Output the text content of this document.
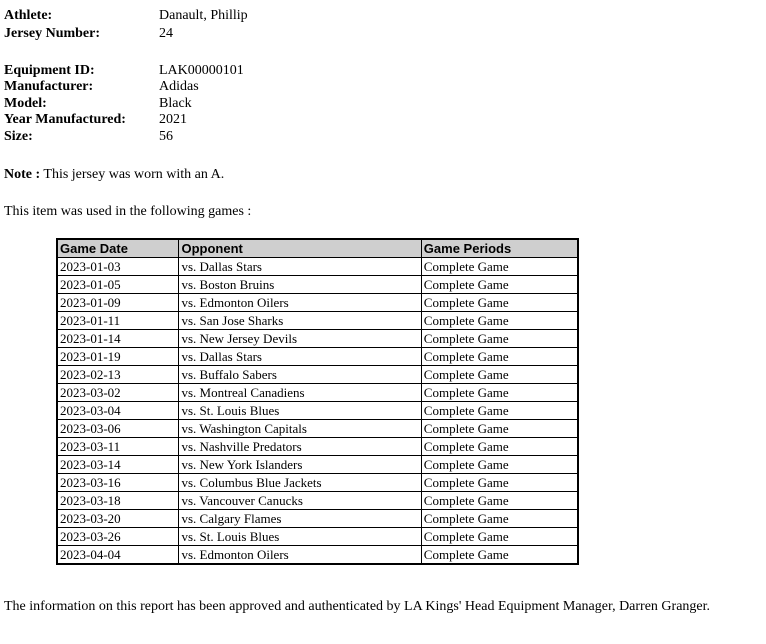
Athlete:	Danault, Phillip
Jersey Number:	24
Equipment ID:	LAK00000101
Manufacturer:	Adidas
Model:	Black
Year Manufactured: 2021
Size:	56
Note : This jersey was worn with an A.
This item was used in the following games :
Game Date	Opponent	Game Periods
2023-01-03	vs. Dallas Stars	Complete Game
2023-01-05	vs. Boston Bruins	Complete Game
2023-01-09	vs. Edmonton Oilers	Complete Game
2023-01-11	vs. San Jose Sharks	Complete Game
2023-01-14	vs. New Jersey Devils	Complete Game
2023-01-19	vs. Dallas Stars	Complete Game
2023-02-13	vs. Buffalo Sabers	Complete Game
2023-03-02	vs. Montreal Canadiens	Complete Game
2023-03-04	vs. St. Louis Blues	Complete Game
2023-03-06	vs. Washington Capitals	Complete Game
2023-03-11	vs. Nashville Predators	Complete Game
2023-03-14	vs. New York Islanders	Complete Game
2023-03-16	vs. Columbus Blue Jackets	Complete Game
2023-03-18	vs. Vancouver Canucks	Complete Game
2023-03-20	vs. Calgary Flames	Complete Game
2023-03-26	vs. St. Louis Blues	Complete Game
2023-04-04	vs. Edmonton Oilers	Complete Game
The information on this report has been approved and authenticated by LA Kings' Head Equipment Manager, Darren Granger.
